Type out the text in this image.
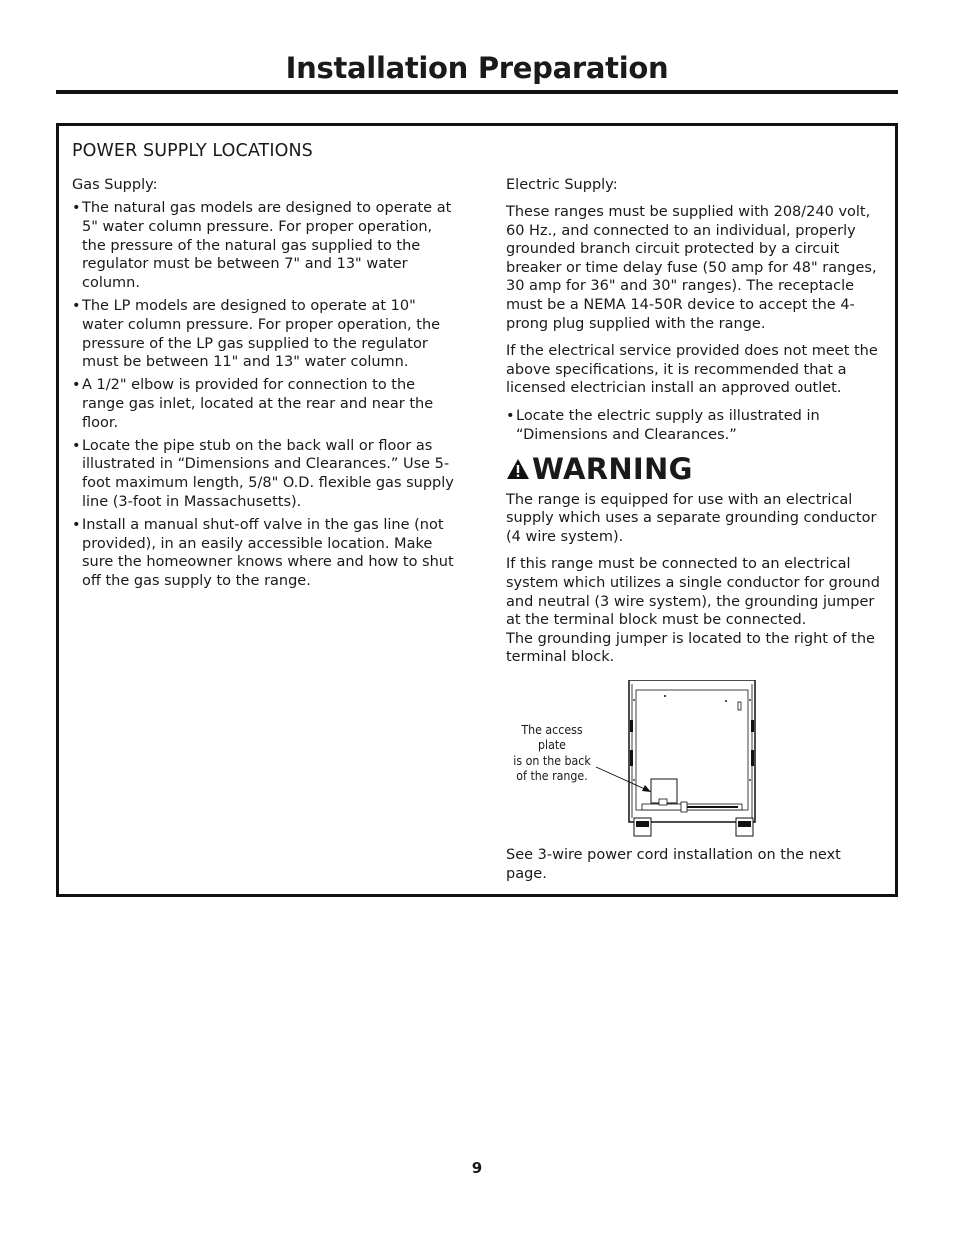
Installation Preparation
POWER SUPPLY LOCATIONS
Gas Supply:
• The natural gas models are designed to operate at 5" water column pressure. For proper operation, the pressure of the natural gas supplied to the regulator must be between 7" and 13" water column.
• The LP models are designed to operate at 10" water column pressure. For proper operation, the pressure of the LP gas supplied to the regulator must be between 11" and 13" water column.
• A 1/2" elbow is provided for connection to the range gas inlet, located at the rear and near the floor.
• Locate the pipe stub on the back wall or floor as illustrated in “Dimensions and Clearances.” Use 5-foot maximum length, 5/8" O.D. flexible gas supply line (3-foot in Massachusetts).
• Install a manual shut-off valve in the gas line (not provided), in an easily accessible location. Make sure the homeowner knows where and how to shut off the gas supply to the range.
Electric Supply:

These ranges must be supplied with 208/240 volt, 60 Hz., and connected to an individual, properly grounded branch circuit protected by a circuit breaker or time delay fuse (50 amp for 48" ranges, 30 amp for 36" and 30" ranges). The receptacle must be a NEMA 14-50R device to accept the 4-prong plug supplied with the range.

If the electrical service provided does not meet the above specifications, it is recommended that a licensed electrician install an approved outlet.

• Locate the electric supply as illustrated in “Dimensions and Clearances.”
WARNING

The range is equipped for use with an electrical supply which uses a separate grounding conductor (4 wire system).

If this range must be connected to an electrical system which utilizes a single conductor for ground and neutral (3 wire system), the grounding jumper at the terminal block must be connected.

The grounding jumper is located to the right of the terminal block.

The access plate
is on the back
of the range.

See 3-wire power cord installation on the next page.

9
